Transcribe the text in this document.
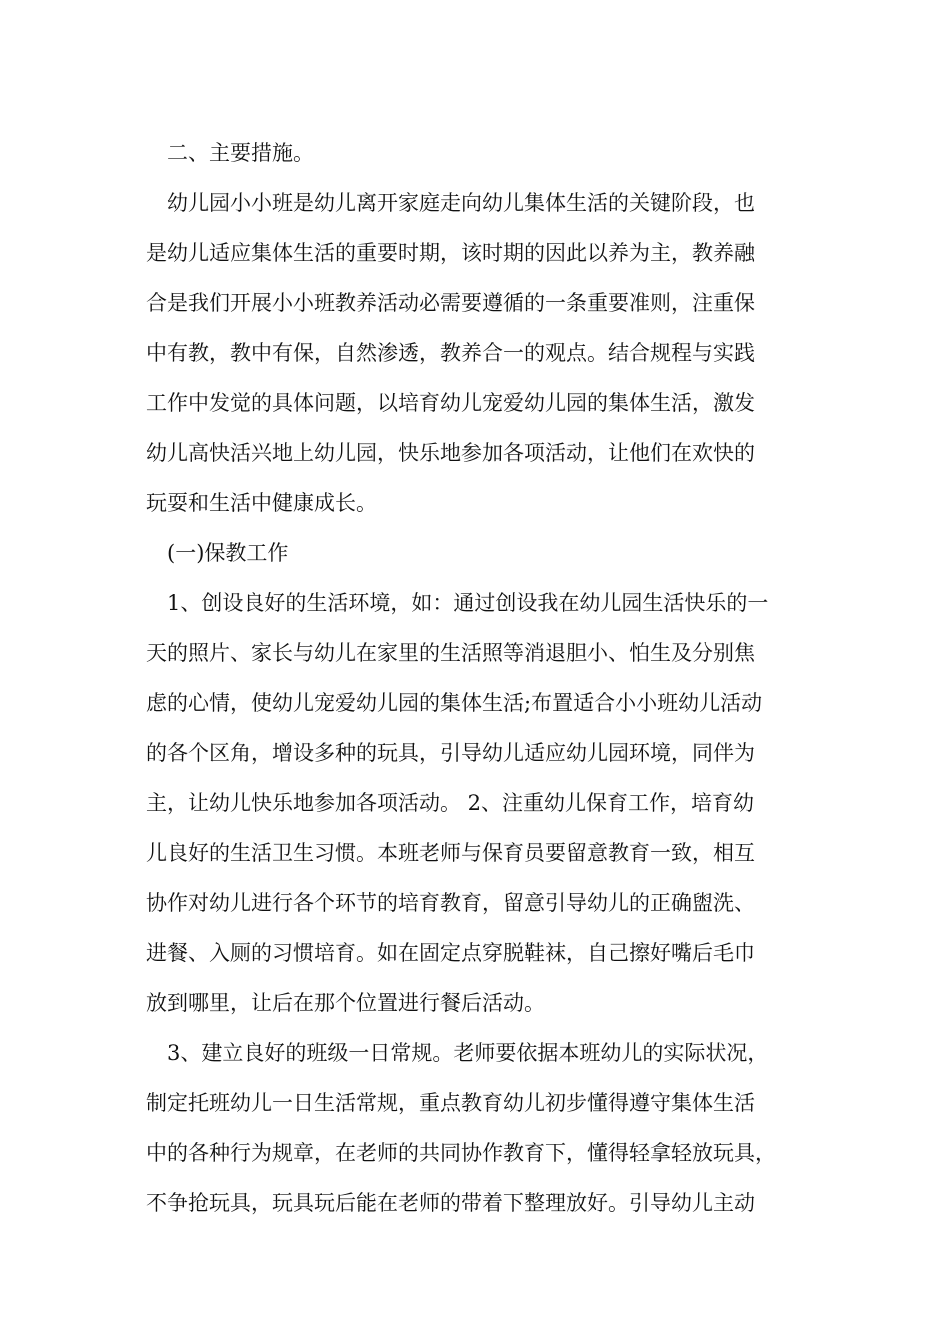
　二、主要措施。
　幼儿园小小班是幼儿离开家庭走向幼儿集体生活的关键阶段，也
是幼儿适应集体生活的重要时期，该时期的因此以养为主，教养融
合是我们开展小小班教养活动必需要遵循的一条重要准则，注重保
中有教，教中有保，自然渗透，教养合一的观点。结合规程与实践
工作中发觉的具体问题，以培育幼儿宠爱幼儿园的集体生活，激发
幼儿高快活兴地上幼儿园，快乐地参加各项活动，让他们在欢快的
玩耍和生活中健康成长。
　(一)保教工作
　1、创设良好的生活环境，如：通过创设我在幼儿园生活快乐的一
天的照片、家长与幼儿在家里的生活照等消退胆小、怕生及分别焦
虑的心情，使幼儿宠爱幼儿园的集体生活;布置适合小小班幼儿活动
的各个区角，增设多种的玩具，引导幼儿适应幼儿园环境，同伴为
主，让幼儿快乐地参加各项活动。 2、注重幼儿保育工作，培育幼
儿良好的生活卫生习惯。本班老师与保育员要留意教育一致，相互
协作对幼儿进行各个环节的培育教育，留意引导幼儿的正确盥洗、
进餐、入厕的习惯培育。如在固定点穿脱鞋袜，自己擦好嘴后毛巾
放到哪里，让后在那个位置进行餐后活动。
　3、建立良好的班级一日常规。老师要依据本班幼儿的实际状况，
制定托班幼儿一日生活常规，重点教育幼儿初步懂得遵守集体生活
中的各种行为规章，在老师的共同协作教育下，懂得轻拿轻放玩具，
不争抢玩具，玩具玩后能在老师的带着下整理放好。引导幼儿主动
